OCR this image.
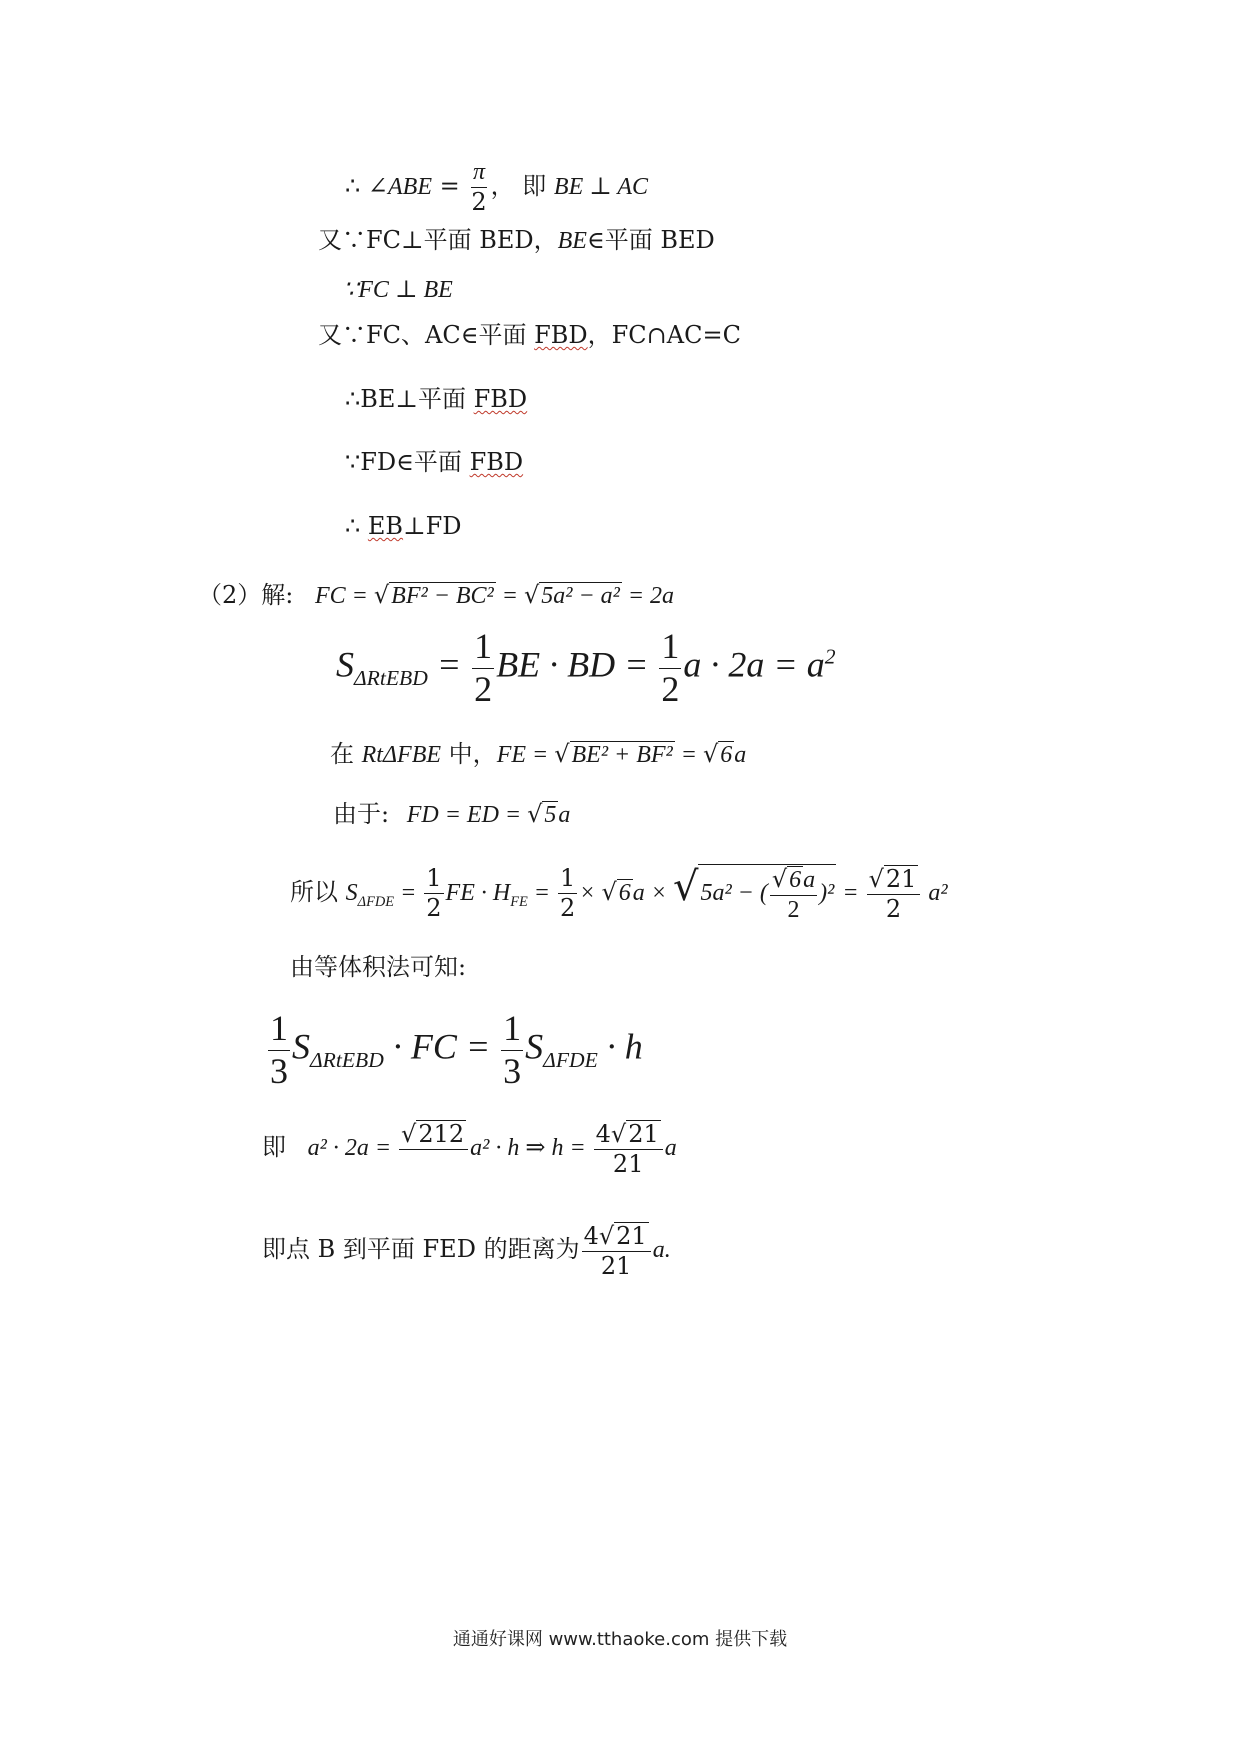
∴ ∠ABE = $\frac{\pi}{2}$ ， 即 BE ⊥ AC
又∵FC⊥平面 BED，BE∈平面 BED
∵FC ⊥ BE
又∵FC、AC∈平面 FBD，FC∩AC=C
∴BE⊥平面 FBD
∵FD∈平面 FBD
∴ EB⊥FD
（2）解: FC = √BF² − BC² = √5a² − a² = 2a
$S_{\Delta RtEBD} = \frac{1}{2}$ BE · BD = $\frac{1}{2}$ $a \cdot 2a = a^2$
在 RtΔFBE 中，FE = √BE² + BF² = √6a
由于: FD = ED = √5a
所以 $S_{\Delta FDE} = \frac{1}{2}$ FE · $H_{FE} = \frac{1}{2} \times √6a \times √5a^2$ − ( $\frac{√6a}{2} )^2 = \frac{√21}{2} a^2$
由等体积法可知:
$\frac{1}{3} S_{\Delta RtEBD}$ · FC = $\frac{1}{3} S_{\Delta FDE} \cdot h$
即 a² · 2a =
√212

a² · h ⇒ $h = \frac{4√21}{21}$ a
即点 B 到平面 FED 的距离为 $\frac{4√21}{21} a$.
通通好课网 www.tthaoke.com 提供下载
